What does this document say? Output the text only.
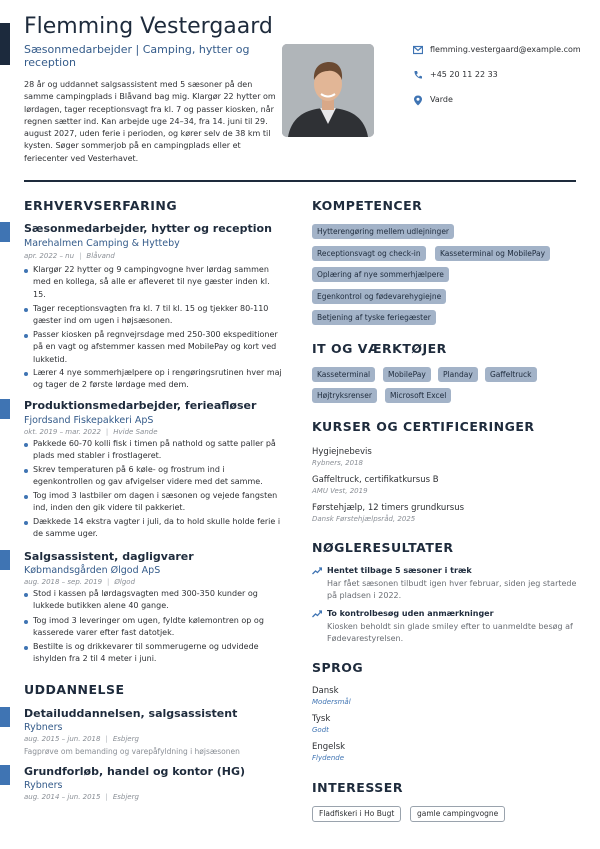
Flemming Vestergaard
Sæsonmedarbejder | Camping, hytter og reception
28 år og uddannet salgsassistent med 5 sæsoner på den samme campingplads i Blåvand bag mig. Klargør 22 hytter om lørdagen, tager receptionsvagt fra kl. 7 og passer kiosken, når regnen sætter ind. Kan arbejde uge 24–34, fra 14. juni til 29. august 2027, uden ferie i perioden, og kører selv de 38 km til kysten. Søger sommerjob på en campingplads eller et feriecenter ved Vesterhavet.
flemming.vestergaard@example.com
+45 20 11 22 33
Varde
ERHVERVSERFARING
Sæsonmedarbejder, hytter og reception
Marehalmen Camping & Hytteby
apr. 2022 – nu | Blåvand
Klargør 22 hytter og 9 campingvogne hver lørdag sammen med en kollega, så alle er afleveret til nye gæster inden kl. 15.
Tager receptionsvagten fra kl. 7 til kl. 15 og tjekker 80-110 gæster ind om ugen i højsæsonen.
Passer kiosken på regnvejrsdage med 250-300 ekspeditioner på en vagt og afstemmer kassen med MobilePay og kort ved lukketid.
Lærer 4 nye sommerhjælpere op i rengøringsrutinen hver maj og tager de 2 første lørdage med dem.
Produktionsmedarbejder, ferieafløser
Fjordsand Fiskepakkeri ApS
okt. 2019 – mar. 2022 | Hvide Sande
Pakkede 60-70 kolli fisk i timen på nathold og satte paller på plads med stabler i frostlageret.
Skrev temperaturen på 6 køle- og frostrum ind i egenkontrollen og gav afvigelser videre med det samme.
Tog imod 3 lastbiler om dagen i sæsonen og vejede fangsten ind, inden den gik videre til pakkeriet.
Dækkede 14 ekstra vagter i juli, da to hold skulle holde ferie i de samme uger.
Salgsassistent, dagligvarer
Købmandsgården Ølgod ApS
aug. 2018 – sep. 2019 | Ølgod
Stod i kassen på lørdagsvagten med 300-350 kunder og lukkede butikken alene 40 gange.
Tog imod 3 leveringer om ugen, fyldte kølemontren op og kasserede varer efter fast datotjek.
Bestilte is og drikkevarer til sommerugerne og udvidede ishylden fra 2 til 4 meter i juni.
UDDANNELSE
Detailuddannelsen, salgsassistent
Rybners
aug. 2015 – jun. 2018 | Esbjerg
Fagprøve om bemanding og varepåfyldning i højsæsonen
Grundforløb, handel og kontor (HG)
Rybners
aug. 2014 – jun. 2015 | Esbjerg
KOMPETENCER
Hytterengøring mellem udlejninger
Receptionsvagt og check-in	Kasseterminal og MobilePay
Oplæring af nye sommerhjælpere
Egenkontrol og fødevarehygiejne
Betjening af tyske feriegæster
IT OG VÆRKTØJER
Kasseterminal	MobilePay	Planday	Gaffeltruck
Højtryksrenser	Microsoft Excel
KURSER OG CERTIFICERINGER
Hygiejnebevis
Rybners, 2018
Gaffeltruck, certifikatkursus B
AMU Vest, 2019
Førstehjælp, 12 timers grundkursus
Dansk Førstehjælpsråd, 2025
NØGLERESULTATER
Hentet tilbage 5 sæsoner i træk
Har fået sæsonen tilbudt igen hver februar, siden jeg startede på pladsen i 2022.
To kontrolbesøg uden anmærkninger
Kiosken beholdt sin glade smiley efter to uanmeldte besøg af Fødevarestyrelsen.
SPROG
Dansk
Modersmål
Tysk
Godt
Engelsk
Flydende
INTERESSER
Fladfiskeri i Ho Bugt	gamle campingvogne
